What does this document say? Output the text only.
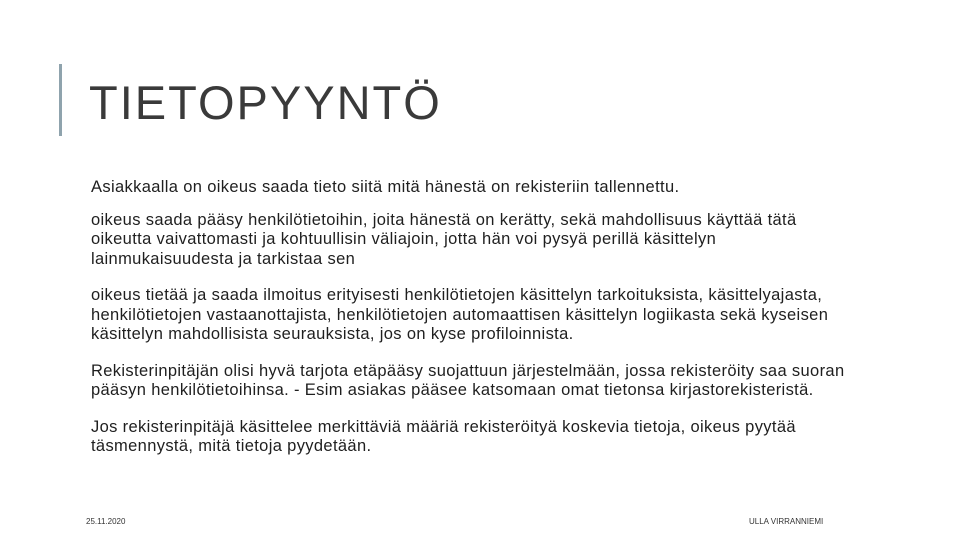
TIETOPYYNTÖ
Asiakkaalla on oikeus saada tieto siitä mitä hänestä on rekisteriin tallennettu.
oikeus saada pääsy henkilötietoihin, joita hänestä on kerätty, sekä mahdollisuus käyttää tätä oikeutta vaivattomasti ja kohtuullisin väliajoin, jotta hän voi pysyä perillä käsittelyn lainmukaisuudesta ja tarkistaa sen
oikeus tietää ja saada ilmoitus erityisesti henkilötietojen käsittelyn tarkoituksista, käsittelyajasta, henkilötietojen vastaanottajista, henkilötietojen automaattisen käsittelyn logiikasta sekä kyseisen käsittelyn mahdollisista seurauksista, jos on kyse profiloinnista.
Rekisterinpitäjän olisi hyvä tarjota etäpääsy suojattuun järjestelmään, jossa rekisteröity saa suoran pääsyn henkilötietoihinsa. - Esim asiakas pääsee katsomaan omat tietonsa kirjastorekisteristä.
Jos rekisterinpitäjä käsittelee merkittäviä määriä rekisteröityä koskevia tietoja, oikeus pyytää täsmennystä, mitä tietoja pyydetään.
25.11.2020	ULLA VIRRANNIEMI
